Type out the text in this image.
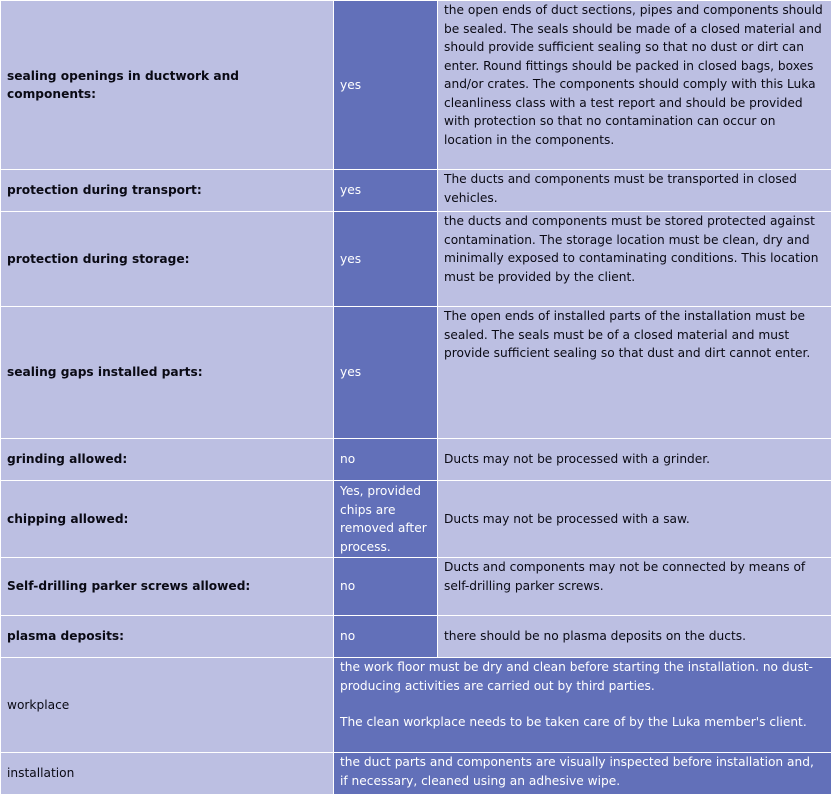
sealing openings in ductwork and components:	yes	the open ends of duct sections, pipes and components should be sealed. The seals should be made of a closed material and should provide sufficient sealing so that no dust or dirt can enter. Round fittings should be packed in closed bags, boxes and/or crates. The components should comply with this Luka cleanliness class with a test report and should be provided with protection so that no contamination can occur on location in the components.
protection during transport:	yes	The ducts and components must be transported in closed vehicles.
protection during storage:	yes	the ducts and components must be stored protected against contamination. The storage location must be clean, dry and minimally exposed to contaminating conditions. This location must be provided by the client.
sealing gaps installed parts:	yes	The open ends of installed parts of the installation must be sealed. The seals must be of a closed material and must provide sufficient sealing so that dust and dirt cannot enter.
grinding allowed:	no	Ducts may not be processed with a grinder.
chipping allowed:	Yes, provided chips are removed after process.	Ducts may not be processed with a saw.
Self-drilling parker screws allowed:	no	Ducts and components may not be connected by means of self-drilling parker screws.
plasma deposits:	no	there should be no plasma deposits on the ducts.
workplace	the work floor must be dry and clean before starting the installation. no dust-producing activities are carried out by third parties.
The clean workplace needs to be taken care of by the Luka member's client.	

installation	the duct parts and components are visually inspected before installation and, if necessary, cleaned using an adhesive wipe.	
